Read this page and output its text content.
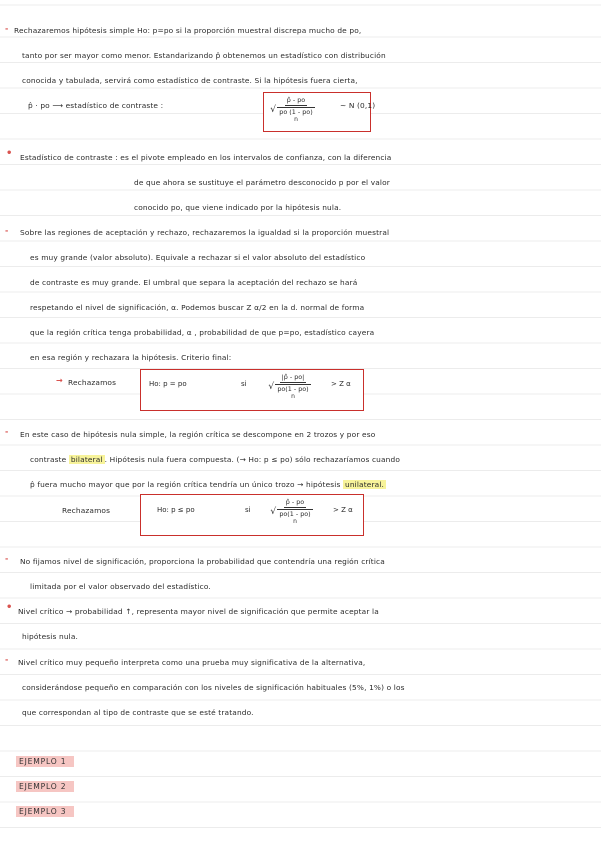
- Rechazaremos hipótesis simple Ho: p=po si la proporción muestral discrepa mucho de po,
tanto por ser mayor como menor. Estandarizando p̂ obtenemos un estadístico con distribución
conocida y tabulada, servirá como estadístico de contraste. Si la hipótesis fuera cierta,
p̂ · po ⟶ estadístico de contraste :
p̂ - po
√ po (1 - po)
n
~ N (0,1)
• Estadístico de contraste : es el pivote empleado en los intervalos de confianza, con la diferencia
de que ahora se sustituye el parámetro desconocido p por el valor
conocido po, que viene indicado por la hipótesis nula.
- Sobre las regiones de aceptación y rechazo, rechazaremos la igualdad si la proporción muestral
es muy grande (valor absoluto). Equivale a rechazar si el valor absoluto del estadístico
de contraste es muy grande. El umbral que separa la aceptación del rechazo se hará
respetando el nivel de significación, α. Podemos buscar Z α/2 en la d. normal de forma
que la región crítica tenga probabilidad, α , probabilidad de que p=po, estadístico cayera
en esa región y rechazara la hipótesis. Criterio final:
→ Rechazamos	Ho: p = po	si
|p̂ - po|
√ po(1 - po)
n
> Z α
- En este caso de hipótesis nula simple, la región crítica se descompone en 2 trozos y por eso
contraste bilateral . Hipótesis nula fuera compuesta. (→ Ho: p ≤ po) sólo rechazaríamos cuando
p̂ fuera mucho mayor que por la región crítica tendría un único trozo → hipótesis unilateral.
Rechazamos	Ho: p ≤ po	si
p̂ - po
√ po(1 - po)
n
> Z α
- No fijamos nivel de significación, proporciona la probabilidad que contendría una región crítica
limitada por el valor observado del estadístico.
• Nivel crítico → probabilidad ↑, representa mayor nivel de significación que permite aceptar la
hipótesis nula.
- Nivel crítico muy pequeño interpreta como una prueba muy significativa de la alternativa,
considerándose pequeño en comparación con los niveles de significación habituales (5%, 1%) o los
que correspondan al tipo de contraste que se esté tratando.
EJEMPLO 1
EJEMPLO 2
EJEMPLO 3
